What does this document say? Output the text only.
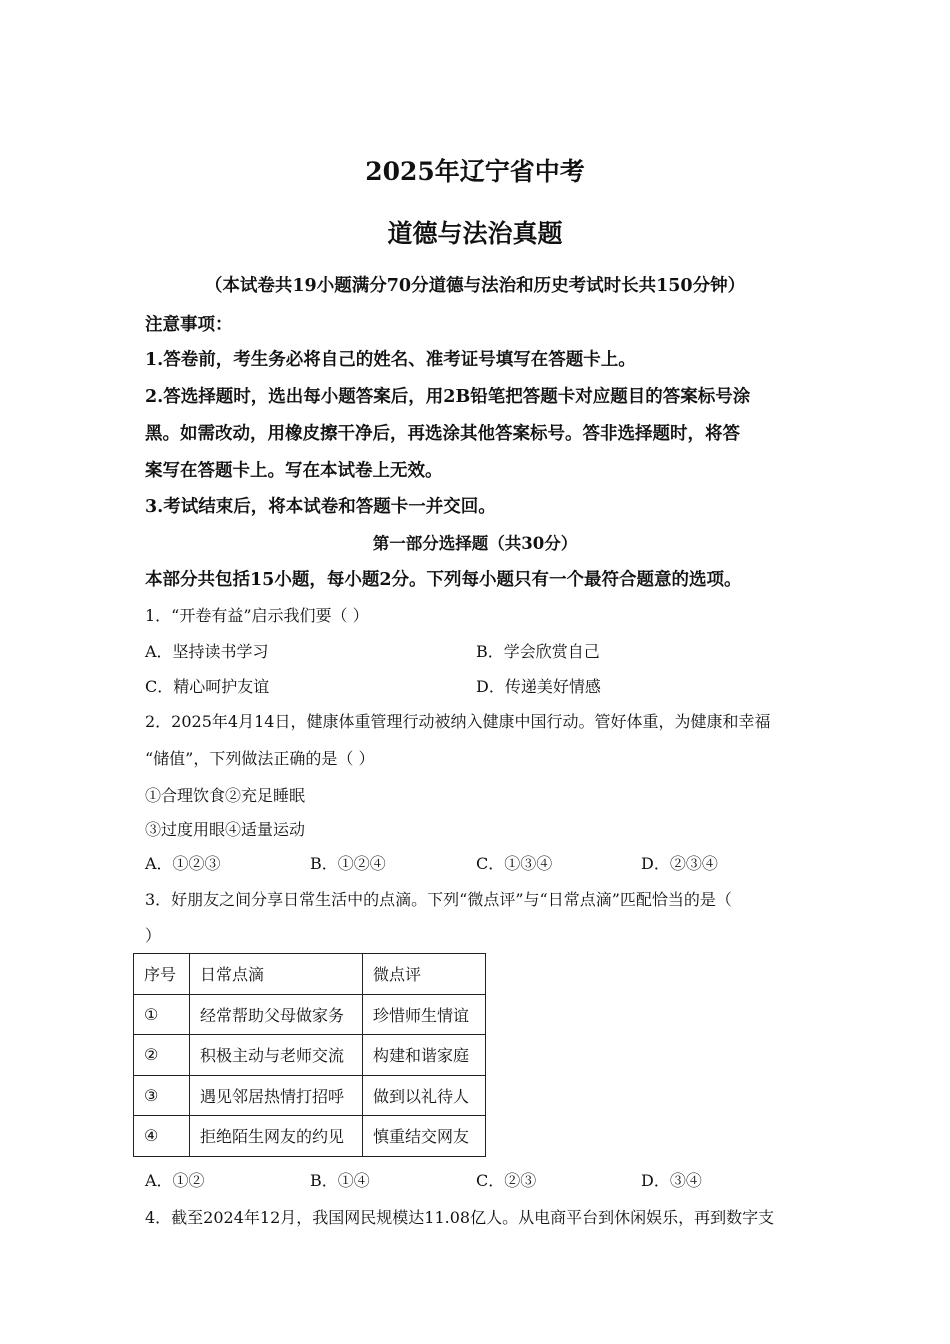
2025年辽宁省中考
道德与法治真题
（本试卷共19小题满分70分道德与法治和历史考试时长共150分钟）
注意事项：
1.答卷前，考生务必将自己的姓名、准考证号填写在答题卡上。
2.答选择题时，选出每小题答案后，用2B铅笔把答题卡对应题目的答案标号涂
黑。如需改动，用橡皮擦干净后，再选涂其他答案标号。答非选择题时，将答
案写在答题卡上。写在本试卷上无效。
3.考试结束后，将本试卷和答题卡一并交回。
第一部分选择题（共30分）
本部分共包括15小题，每小题2分。下列每小题只有一个最符合题意的选项。
1．“开卷有益”启示我们要（ ）
A．坚持读书学习	B．学会欣赏自己
C．精心呵护友谊	D．传递美好情感
2．2025年4月14日，健康体重管理行动被纳入健康中国行动。管好体重，为健康和幸福
“储值”，下列做法正确的是（ ）
①合理饮食②充足睡眠
③过度用眼④适量运动
A．①②③	B．①②④	C．①③④	D．②③④
3．好朋友之间分享日常生活中的点滴。下列“微点评”与“日常点滴”匹配恰当的是（
）
序号	日常点滴	微点评
①	经常帮助父母做家务	珍惜师生情谊
②	积极主动与老师交流	构建和谐家庭
③	遇见邻居热情打招呼	做到以礼待人
④	拒绝陌生网友的约见	慎重结交网友
A．①②	B．①④	C．②③	D．③④
4．截至2024年12月，我国网民规模达11.08亿人。从电商平台到休闲娱乐，再到数字支
